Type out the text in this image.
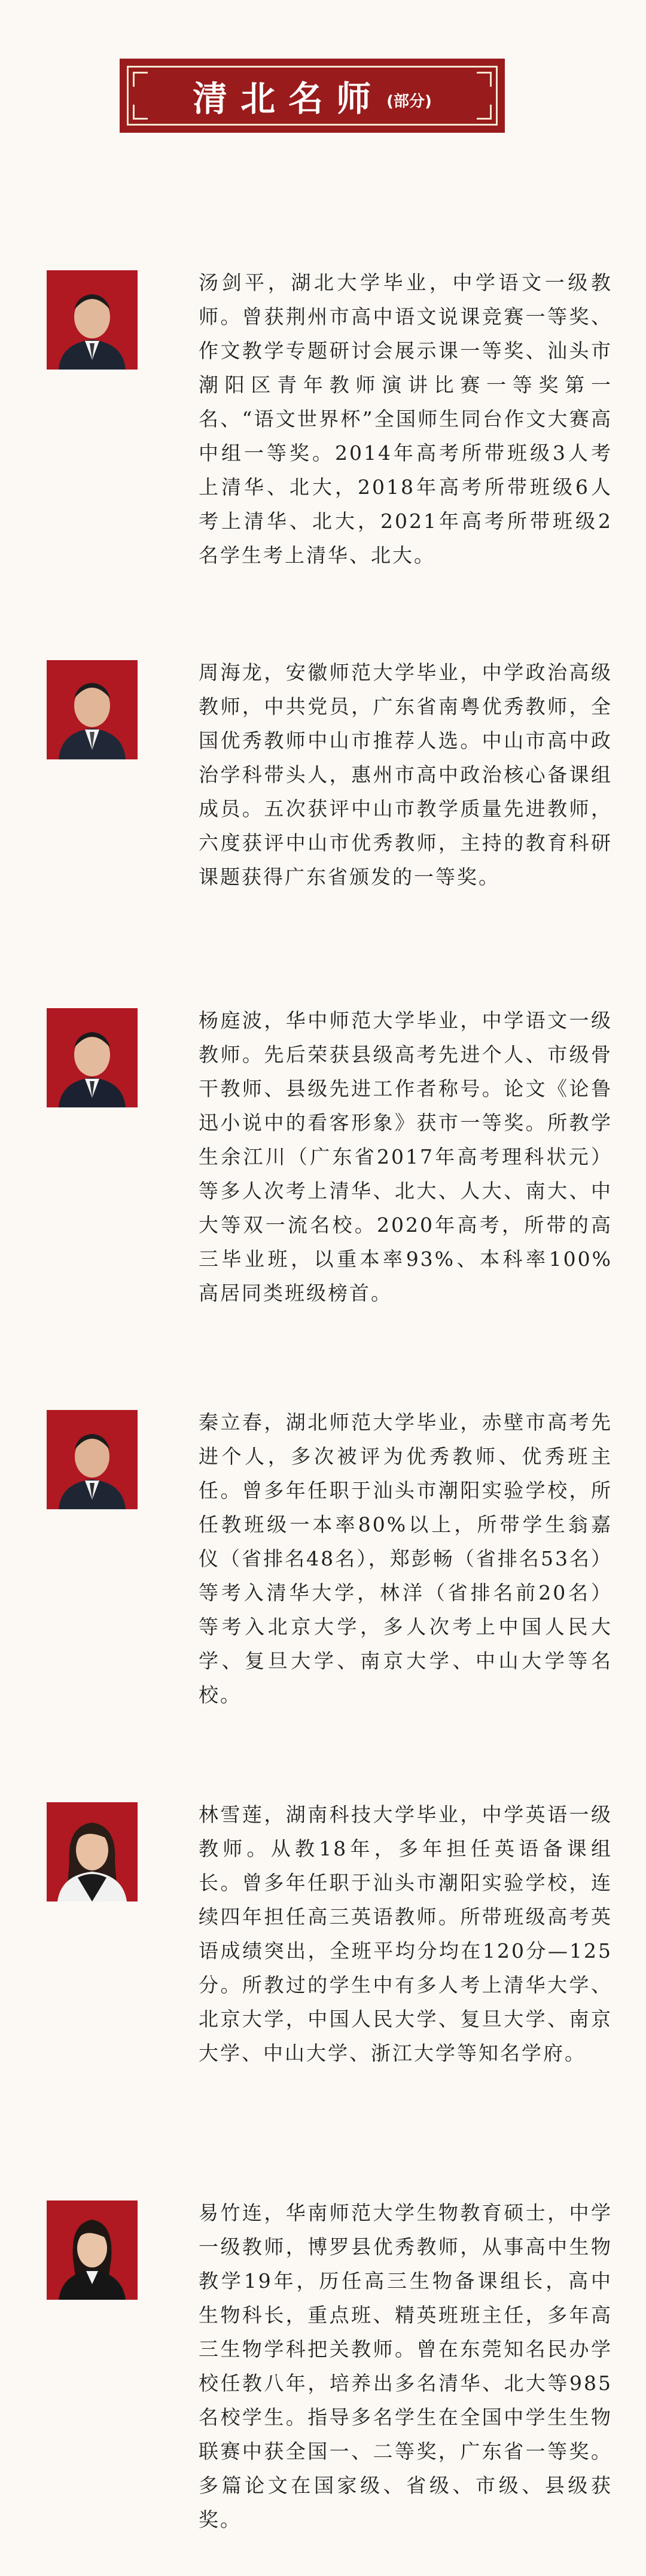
清北名师 (部分)

汤剑平，湖北大学毕业，中学语文一级教师。曾获荆州市高中语文说课竞赛一等奖、作文教学专题研讨会展示课一等奖、汕头市潮阳区青年教师演讲比赛一等奖第一名、“语文世界杯”全国师生同台作文大赛高中组一等奖。2014年高考所带班级3人考上清华、北大，2018年高考所带班级6人考上清华、北大，2021年高考所带班级2名学生考上清华、北大。

周海龙，安徽师范大学毕业，中学政治高级教师，中共党员，广东省南粤优秀教师，全国优秀教师中山市推荐人选。中山市高中政治学科带头人，惠州市高中政治核心备课组成员。五次获评中山市教学质量先进教师，六度获评中山市优秀教师，主持的教育科研课题获得广东省颁发的一等奖。

杨庭波，华中师范大学毕业，中学语文一级教师。先后荣获县级高考先进个人、市级骨干教师、县级先进工作者称号。论文《论鲁迅小说中的看客形象》获市一等奖。所教学生余江川（广东省2017年高考理科状元）等多人次考上清华、北大、人大、南大、中大等双一流名校。2020年高考，所带的高三毕业班，以重本率93%、本科率100%高居同类班级榜首。

秦立春，湖北师范大学毕业，赤壁市高考先进个人，多次被评为优秀教师、优秀班主任。曾多年任职于汕头市潮阳实验学校，所任教班级一本率80%以上，所带学生翁嘉仪（省排名48名），郑彭畅（省排名53名）等考入清华大学，林洋（省排名前20名）等考入北京大学，多人次考上中国人民大学、复旦大学、南京大学、中山大学等名校。

林雪莲，湖南科技大学毕业，中学英语一级教师。从教18年，多年担任英语备课组长。曾多年任职于汕头市潮阳实验学校，连续四年担任高三英语教师。所带班级高考英语成绩突出，全班平均分均在120分—125分。所教过的学生中有多人考上清华大学、北京大学，中国人民大学、复旦大学、南京大学、中山大学、浙江大学等知名学府。

易竹连，华南师范大学生物教育硕士，中学一级教师，博罗县优秀教师，从事高中生物教学19年，历任高三生物备课组长，高中生物科长，重点班、精英班班主任，多年高三生物学科把关教师。曾在东莞知名民办学校任教八年，培养出多名清华、北大等985名校学生。指导多名学生在全国中学生生物联赛中获全国一、二等奖，广东省一等奖。多篇论文在国家级、省级、市级、县级获奖。
